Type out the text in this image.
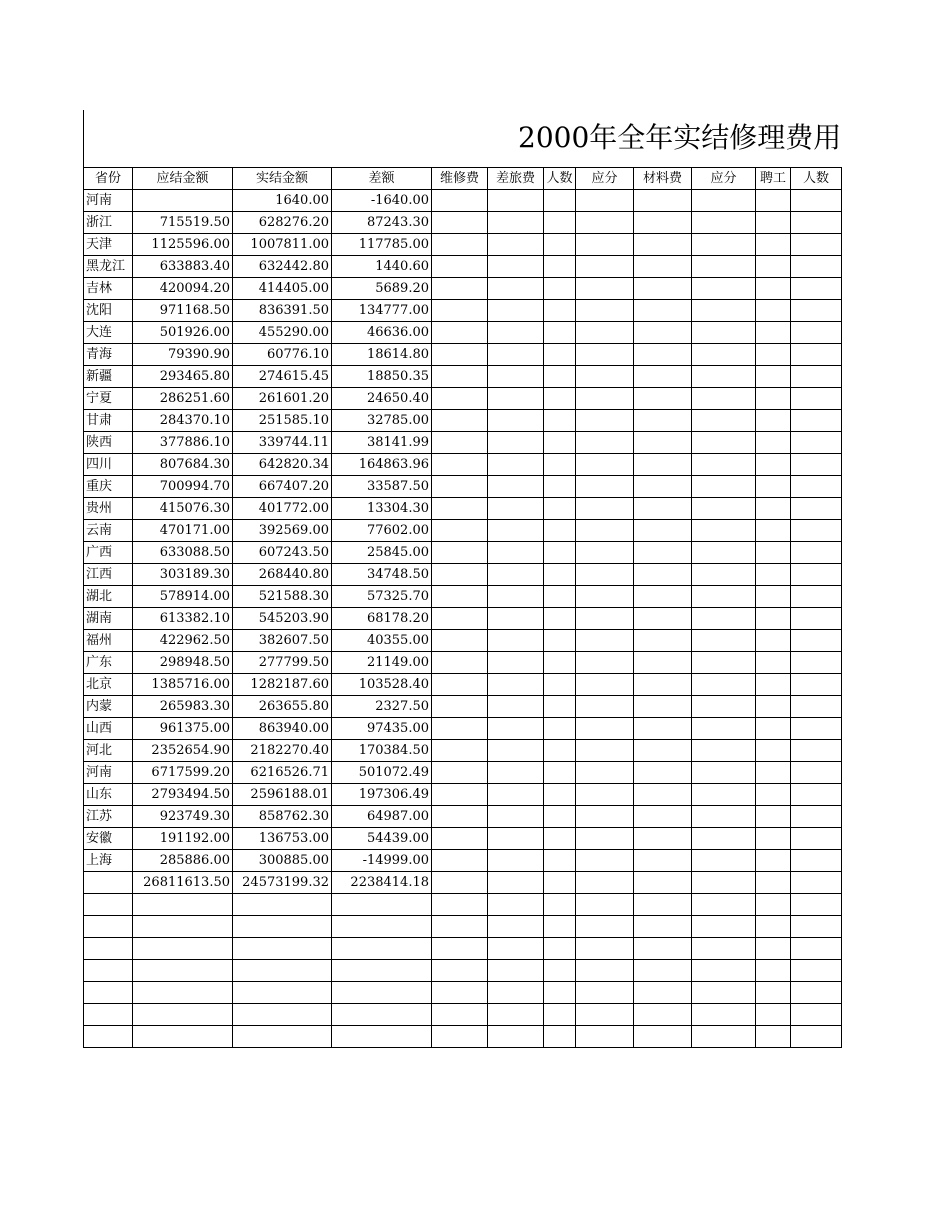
2000年全年实结修理费用
省份	应结金额	实结金额	差额	维修费	差旅费	人数	应分	材料费	应分	聘工	人数
河南		1640.00	-1640.00								
浙江	715519.50	628276.20	87243.30								
天津	1125596.00	1007811.00	117785.00								
黑龙江	633883.40	632442.80	1440.60								
吉林	420094.20	414405.00	5689.20								
沈阳	971168.50	836391.50	134777.00								
大连	501926.00	455290.00	46636.00								
青海	79390.90	60776.10	18614.80								
新疆	293465.80	274615.45	18850.35								
宁夏	286251.60	261601.20	24650.40								
甘肃	284370.10	251585.10	32785.00								
陕西	377886.10	339744.11	38141.99								
四川	807684.30	642820.34	164863.96								
重庆	700994.70	667407.20	33587.50								
贵州	415076.30	401772.00	13304.30								
云南	470171.00	392569.00	77602.00								
广西	633088.50	607243.50	25845.00								
江西	303189.30	268440.80	34748.50								
湖北	578914.00	521588.30	57325.70								
湖南	613382.10	545203.90	68178.20								
福州	422962.50	382607.50	40355.00								
广东	298948.50	277799.50	21149.00								
北京	1385716.00	1282187.60	103528.40								
内蒙	265983.30	263655.80	2327.50								
山西	961375.00	863940.00	97435.00								
河北	2352654.90	2182270.40	170384.50								
河南	6717599.20	6216526.71	501072.49								
山东	2793494.50	2596188.01	197306.49								
江苏	923749.30	858762.30	64987.00								
安徽	191192.00	136753.00	54439.00								
上海	285886.00	300885.00	-14999.00								
	26811613.50	24573199.32	2238414.18								
